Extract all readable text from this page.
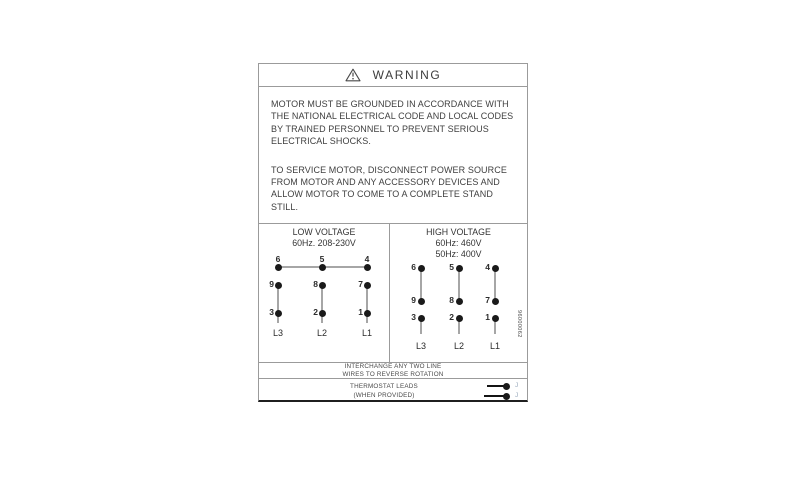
WARNING

MOTOR MUST BE GROUNDED IN ACCORDANCE WITH THE NATIONAL ELECTRICAL CODE AND LOCAL CODES BY TRAINED PERSONNEL TO PREVENT SERIOUS ELECTRICAL SHOCKS.

TO SERVICE MOTOR, DISCONNECT POWER SOURCE FROM MOTOR AND ANY ACCESSORY DEVICES AND ALLOW MOTOR TO COME TO A COMPLETE STAND STILL.

LOW VOLTAGE
60Hz. 208-230V
6
9
3
L3
5
8
2
L2
4
7
1
L1
HIGH VOLTAGE
60Hz: 460V
50Hz: 400V
6
9
3
L3
5
8
2
L2
4
7
1
L1
96000062
INTERCHANGE ANY TWO LINE
WIRES TO REVERSE ROTATION
THERMOSTAT LEADS
(WHEN PROVIDED)
J
J
